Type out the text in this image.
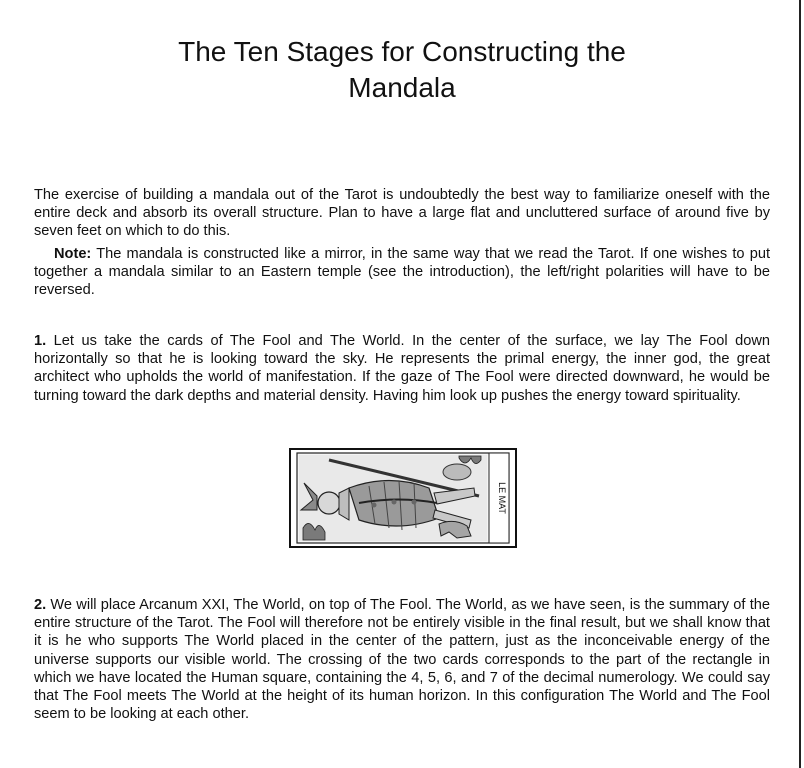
The Ten Stages for Constructing the
Mandala

The exercise of building a mandala out of the Tarot is undoubtedly the best way to familiarize oneself with the entire deck and absorb its overall structure. Plan to have a large flat and uncluttered surface of around five by seven feet on which to do this.

Note: The mandala is constructed like a mirror, in the same way that we read the Tarot. If one wishes to put together a mandala similar to an Eastern temple (see the introduction), the left/right polarities will have to be reversed.

1. Let us take the cards of The Fool and The World. In the center of the surface, we lay The Fool down horizontally so that he is looking toward the sky. He represents the primal energy, the inner god, the great architect who upholds the world of manifestation. If the gaze of The Fool were directed downward, he would be turning toward the dark depths and material density. Having him look up pushes the energy toward spirituality.

LE MAT

2. We will place Arcanum XXI, The World, on top of The Fool. The World, as we have seen, is the summary of the entire structure of the Tarot. The Fool will therefore not be entirely visible in the final result, but we shall know that it is he who supports The World placed in the center of the pattern, just as the inconceivable energy of the universe supports our visible world. The crossing of the two cards corresponds to the part of the rectangle in which we have located the Human square, containing the 4, 5, 6, and 7 of the decimal numerology. We could say that The Fool meets The World at the height of its human horizon. In this configuration The World and The Fool seem to be looking at each other.
